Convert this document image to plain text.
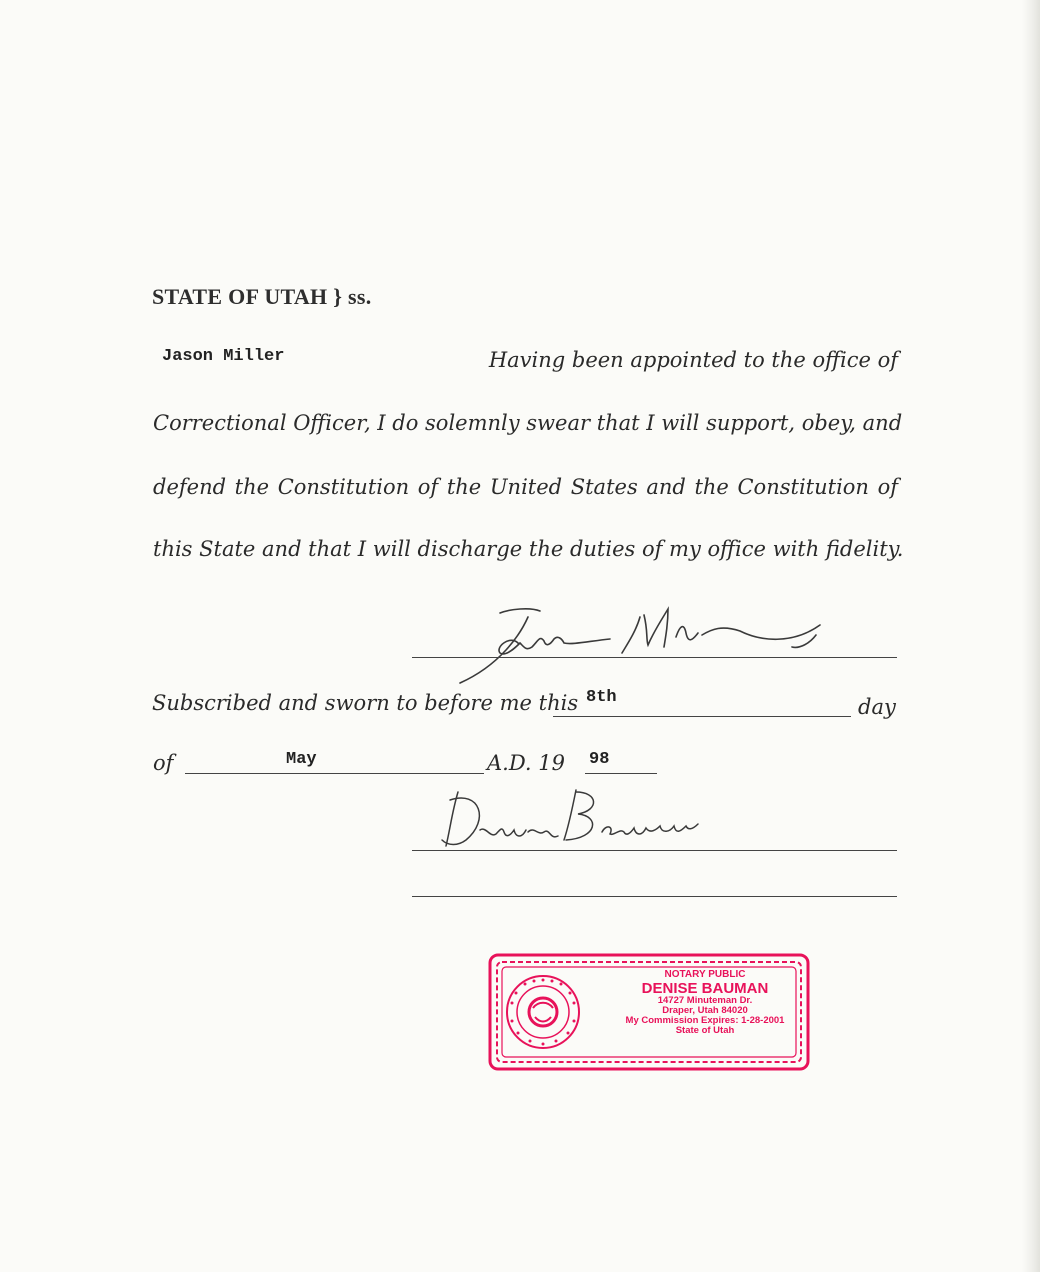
STATE OF UTAH } ss.
Jason Miller	Having been appointed to the office of
Correctional Officer, I do solemnly swear that I will support, obey, and
defend the Constitution of the United States and the Constitution of
this State and that I will discharge the duties of my office with fidelity.
Subscribed and sworn to before me this 8th	day
of	May	A.D. 19 98
NOTARY PUBLIC
DENISE BAUMAN
14727 Minuteman Dr.
Draper, Utah 84020
My Commission Expires: 1-28-2001
State of Utah
